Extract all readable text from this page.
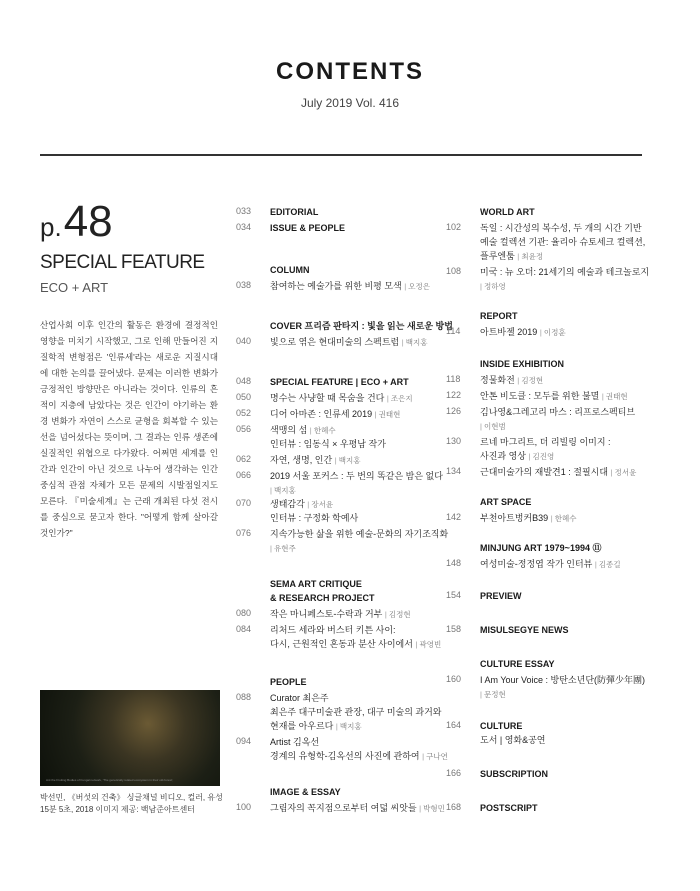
CONTENTS
July 2019 Vol. 416
p. 48
SPECIAL FEATURE
ECO + ART
산업사회 이후 인간의 활동은 환경에 결정적인 영향을 미치기 시작했고, 그로 인해 만들어진 지질학적 변형점은 '인류세'라는 새로운 지질시대에 대한 논의를 끌어냈다. 문제는 이러한 변화가 긍정적인 방향만은 아니라는 것이다. 인류의 흔적이 지층에 남았다는 것은 인간이 야기하는 환경 변화가 자연이 스스로 균형을 회복할 수 있는 선을 넘어섰다는 뜻이며, 그 결과는 인류 생존에 실질적인 위협으로 다가왔다. 어쩌면 세계를 인간과 인간이 아닌 것으로 나누어 생각하는 인간중심적 관점 자체가 모든 문제의 시발점일지도 모른다. 『미술세계』는 근래 개최된 다섯 전시를 중심으로 묻고자 한다. "어떻게 함께 살아갈 것인가?"
Ant the Fruiting Bodies of Fungal network, 'The genetically related ecosystem in their old-forest',
박선민, 《버섯의 건축》 싱글채널 비디오, 컬러, 유성
15분 5초, 2018 이미지 제공: 백남준아트센터
033	EDITORIAL
034	ISSUE & PEOPLE
COLUMN
038	참여하는 예술가를 위한 비평 모색 | 오정은
COVER 프리즘 판타지 : 빛을 읽는 새로운 방법
040	빛으로 엮은 현대미술의 스펙트럼 | 백지홍
048	SPECIAL FEATURE | ECO + ART
050	명수는 사냥할 때 목숨을 건다 | 조은지
052	디어 아마존 : 인류세 2019 | 권태현
056	색맹의 섬 | 한혜수
인터뷰 : 임동식 × 우평남 작가
062	자연, 생명, 인간 | 백지홍
066	2019 서울 포커스 : 두 번의 똑같은 밤은 없다
| 백지홍
070	생태감각 | 장서윤
인터뷰 : 구정화 학예사
076	지속가능한 삶을 위한 예술-문화의 자기조직화
| 유현주
SEMA ART CRITIQUE
& RESEARCH PROJECT
080	작은 마니페스토-수락과 거부 | 김정현
084	리처드 세라와 버스터 키튼 사이:
다시, 근원적인 혼동과 분산 사이에서 | 곽영빈
PEOPLE
088	Curator 최은주
최은주 대구미술관 관장, 대구 미술의 과거와
현재를 아우르다 | 백지홍
094	Artist 김옥선
경계의 유형학-김옥선의 사진에 관하여 | 구나연
IMAGE & ESSAY
100	그림자의 꼭지점으로부터 여덟 씨앗들 | 박형민
WORLD ART
102	독일 : 시간성의 복수성, 두 개의 시간 기반
예술 컬렉션 기관: 율리아 슈토세크 컬렉션,
플루엔툼 | 최윤정
108	미국 : 뉴 오더: 21세기의 예술과 테크놀로지
| 정하영
REPORT
114	아트바젤 2019 | 이정훈
INSIDE EXHIBITION
118	정물화전 | 김정현
122	안톤 비도클 : 모두를 위한 불멸 | 권태현
126	김나영&그레고리 마스 : 리프로스펙티브
| 이현범
130	르네 마그리트, 더 리빌링 이미지 :
사진과 영상 | 김진영
134	근대미술가의 재발견1 : 절필시대 | 정서윤
ART SPACE
142	부천아트벙커B39 | 한혜수
MINJUNG ART 1979~1994 ⑪
148	여성미술-정정엽 작가 인터뷰 | 김종길
154	PREVIEW
158	MISULSEGYE NEWS
CULTURE ESSAY
160	I Am Your Voice : 방탄소년단(防彈少年團)
| 문정현
164	CULTURE
도서 | 영화&공연
166	SUBSCRIPTION
168	POSTSCRIPT
